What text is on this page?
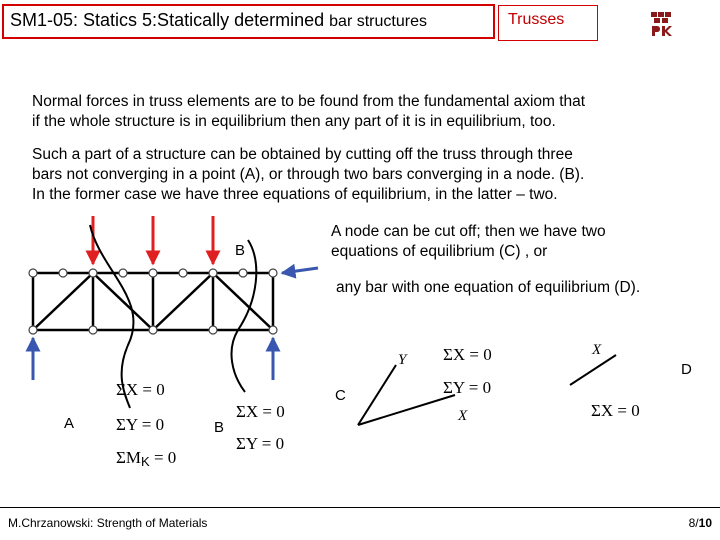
SM1-05: Statics 5:Statically determined bar structures	Trusses
Normal forces in truss elements are to be found from the fundamental axiom that
if the whole structure is in equilibrium then any part of it is in equilibrium, too.
Such a part of a structure can be obtained by cutting off the truss through three
bars not converging in a point (A), or through two bars converging in a node. (B).
In the former case we have three equations of equilibrium, in the latter – two.
A node can be cut off; then we have two
equations of equilibrium (C) , or
any bar with one equation of equilibrium (D).
B
A	B
C
D
Y
X
X
ΣX = 0
ΣY = 0
ΣMK = 0
ΣX = 0
ΣY = 0
ΣX = 0
ΣY = 0
ΣX = 0
M.Chrzanowski: Strength of Materials	8/10
